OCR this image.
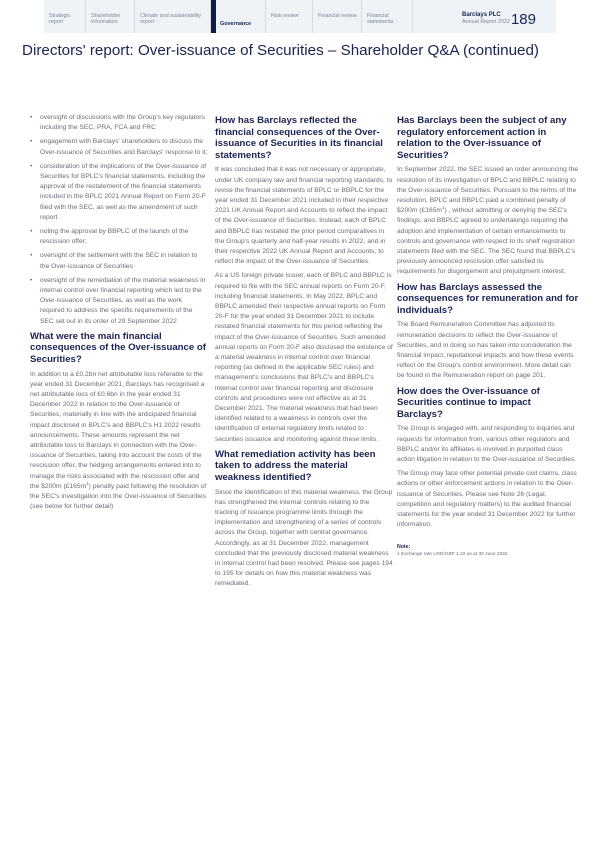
Strategic report
Shareholder information
Climate and sustainability report	Governance
Risk review	Financial review	Financial statements
Barclays PLC
Annual Report 2022 189
Directors' report: Over-issuance of Securities – Shareholder Q&A (continued)
• oversight of discussions with the Group's key regulators including the SEC, PRA, FCA and FRC
• engagement with Barclays' shareholders to discuss the Over-issuance of Securities and Barclays' response to it;
• consideration of the implications of the Over-issuance of Securities for BPLC's financial statements, including the approval of the restatement of the financial statements included in the BPLC 2021 Annual Report on Form 20-F filed with the SEC, as well as the amendment of such report
• noting the approval by BBPLC of the launch of the rescission offer;
• oversight of the settlement with the SEC in relation to the Over-issuance of Securities
• oversight of the remediation of the material weakness in internal control over financial reporting which led to the Over-issuance of Securities, as well as the work required to address the specific requirements of the SEC set out in its order of 29 September 2022
What were the main financial consequences of the Over-issuance of Securities?

In addition to a £0.2bn net attributable loss referable to the year ended 31 December 2021, Barclays has recognised a net attributable loss of £0.6bn in the year ended 31 December 2022 in relation to the Over-issuance of Securities, materially in line with the anticipated financial impact disclosed in BPLC's and BBPLC's H1 2022 results announcements. These amounts represent the net attributable loss to Barclays in connection with the Over-issuance of Securities, taking into account the costs of the rescission offer, the hedging arrangements entered into to manage the risks associated with the rescission offer and the $200m $(£165m^1)$ penalty paid following the resolution of the SEC's investigation into the Over-issuance of Securities (see below for further detail)

How has Barclays reflected the financial consequences of the Over-issuance of Securities in its financial statements?

It was concluded that it was not necessary or appropriate, under UK company law and financial reporting standards, to revise the financial statements of BPLC or BBPLC for the year ended 31 December 2021 included in their respective 2021 UK Annual Report and Accounts to reflect the impact of the Over-issuance of Securities. Instead, each of BPLC and BBPLC has restated the prior period comparatives in the Group's quarterly and half-year results in 2022, and in their respective 2022 UK Annual Report and Accounts, to reflect the impact of the Over-issuance of Securities.

As a US foreign private issuer, each of BPLC and BBPLC is required to file with the SEC annual reports on Form 20-F, including financial statements. In May 2022, BPLC and BBPLC amended their respective annual reports on Form 20-F for the year ended 31 December 2021 to include restated financial statements for this period reflecting the impact of the Over-issuance of Securities. Such amended annual reports on Form 20-F also disclosed the existence of a material weakness in internal control over financial reporting (as defined in the applicable SEC rules) and management's conclusions that BPLC's and BBPLC's internal control over financial reporting and disclosure controls and procedures were not effective as at 31 December 2021. The material weakness that had been identified related to a weakness in controls over the identification of external regulatory limits related to securities issuance and monitoring against these limits.

What remediation activity has been taken to address the material weakness identified?

Since the identification of this material weakness, the Group has strengthened the internal controls relating to the tracking of issuance programme limits through the implementation and strengthening of a series of controls across the Group, together with central governance. Accordingly, as at 31 December 2022, management concluded that the previously disclosed material weakness in internal control had been resolved. Please see pages 194 to 195 for details on how this material weakness was remediated.

Has Barclays been the subject of any regulatory enforcement action in relation to the Over-issuance of Securities?

In September 2022, the SEC issued an order announcing the resolution of its investigation of BPLC and BBPLC relating to the Over-issuance of Securities. Pursuant to the terms of the resolution, BPLC and BBPLC paid a combined penalty of $200m $(£165m^1)$ , without admitting or denying the SEC's findings, and BBPLC agreed to undertakings requiring the adoption and implementation of certain enhancements to controls and governance with respect to its shelf registration statements filed with the SEC. The SEC found that BBPLC's previously announced rescission offer satisfied its requirements for disgorgement and prejudgment interest.

How has Barclays assessed the consequences for remuneration and for individuals?

The Board Remuneration Committee has adjusted its remuneration decisions to reflect the Over-issuance of Securities, and in doing so has taken into consideration the financial impact, reputational impacts and how these events reflect on the Group's control environment. More detail can be found in the Remuneration report on page 201.

How does the Over-issuance of Securities continue to impact Barclays?

The Group is engaged with, and responding to inquiries and requests for information from, various other regulators and BBPLC and/or its affiliates is involved in purported class action litigation in relation to the Over-issuance of Securities.

The Group may face other potential private civil claims, class actions or other enforcement actions in relation to the Over-issuance of Securities. Please see Note 26 (Legal, competition and regulatory matters) to the audited financial statements for the year ended 31 December 2022 for further information.

Note:
1 Exchange rate USD/GBP 1.22 as at 30 June 2022.
